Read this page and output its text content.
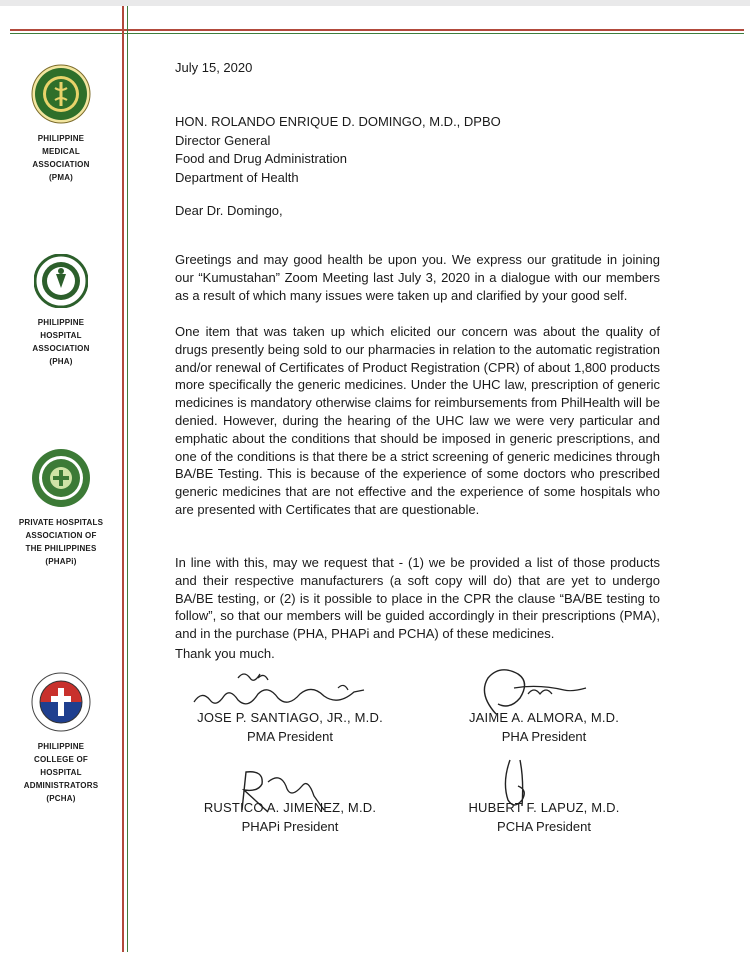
PHILIPPINE
MEDICAL
ASSOCIATION
(PMA)
PHILIPPINE
HOSPITAL
ASSOCIATION
(PHA)
PRIVATE HOSPITALS
ASSOCIATION OF
THE PHILIPPINES
(PHAPi)
PHILIPPINE
COLLEGE OF
HOSPITAL
ADMINISTRATORS
(PCHA)
July 15, 2020
HON. ROLANDO ENRIQUE D. DOMINGO, M.D., DPBO
Director General
Food and Drug Administration
Department of Health
Dear Dr. Domingo,

Greetings and may good health be upon you. We express our gratitude in joining our “Kumustahan” Zoom Meeting last July 3, 2020 in a dialogue with our members as a result of which many issues were taken up and clarified by your good self.

One item that was taken up which elicited our concern was about the quality of drugs presently being sold to our pharmacies in relation to the automatic registration and/or renewal of Certificates of Product Registration (CPR) of about 1,800 products more specifically the generic medicines. Under the UHC law, prescription of generic medicines is mandatory otherwise claims for reimbursements from PhilHealth will be denied. However, during the hearing of the UHC law we were very particular and emphatic about the conditions that should be imposed in generic prescriptions, and one of the conditions is that there be a strict screening of generic medicines through BA/BE Testing. This is because of the experience of some doctors who prescribed generic medicines that are not effective and the experience of some hospitals who are presented with Certificates that are questionable.

In line with this, may we request that - (1) we be provided a list of those products and their respective manufacturers (a soft copy will do) that are yet to undergo BA/BE testing, or (2) is it possible to place in the CPR the clause “BA/BE testing to follow”, so that our members will be guided accordingly in their prescriptions (PMA), and in the purchase (PHA, PHAPi and PCHA) of these medicines.

Thank you much.
JOSE P. SANTIAGO, JR., M.D.
PMA President
JAIME A. ALMORA, M.D.
PHA President
RUSTICO A. JIMENEZ, M.D.
PHAPi President
HUBERT F. LAPUZ, M.D.
PCHA President
